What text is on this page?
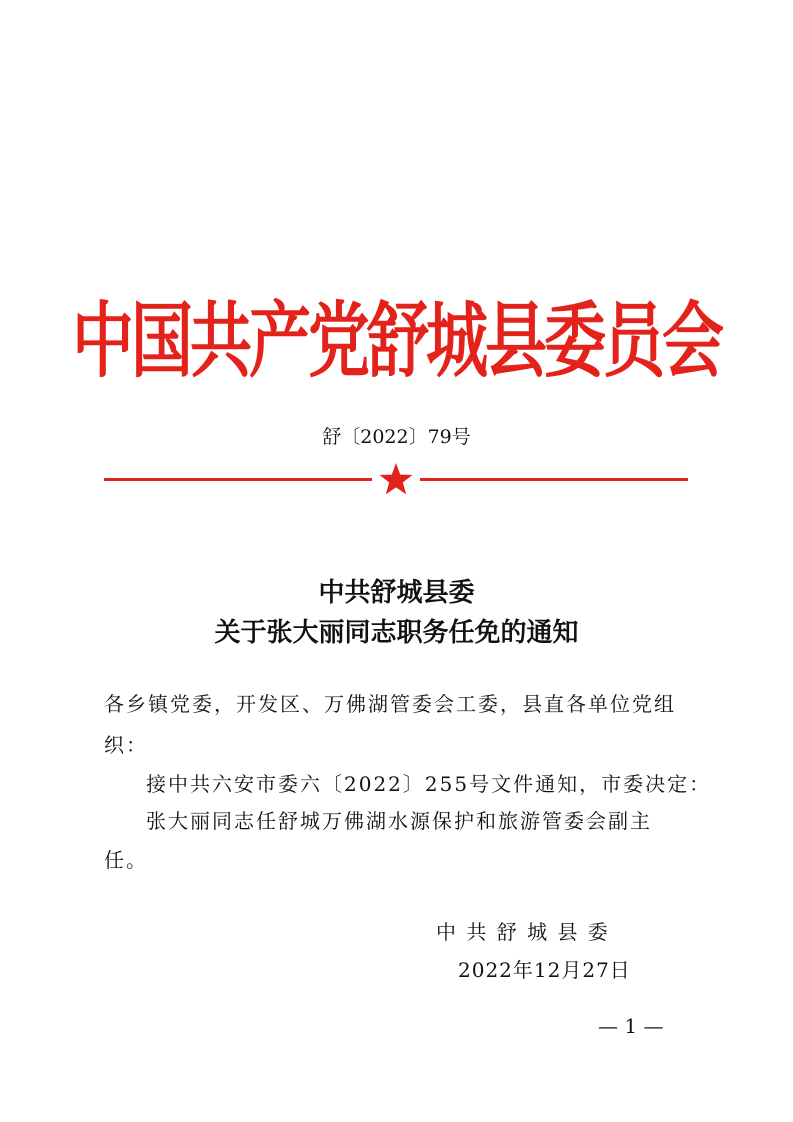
中国共产党舒城县委员会
舒〔2022〕79号
中共舒城县委
关于张大丽同志职务任免的通知
各乡镇党委，开发区、万佛湖管委会工委，县直各单位党组
织：
接中共六安市委六〔2022〕255号文件通知，市委决定：
张大丽同志任舒城万佛湖水源保护和旅游管委会副主
任。
中 共 舒 城 县 委
2022年12月27日
— 1 —
